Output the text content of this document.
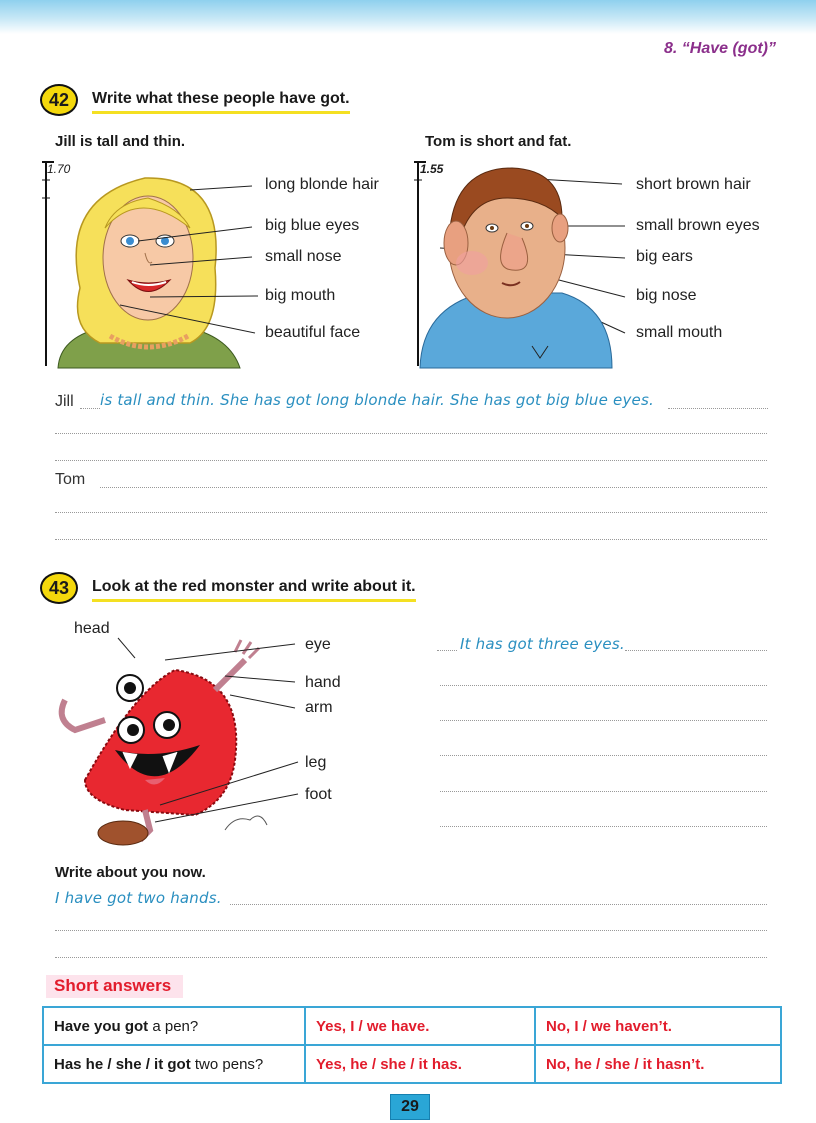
8. “Have (got)”
42	Write what these people have got.
Jill is tall and thin.	Tom is short and fat.
long blonde hair
big blue eyes
small nose
big mouth
beautiful face
1.70
short brown hair
small brown eyes
big ears
big nose
small mouth
1.55
Jill is tall and thin. She has got long blonde hair. She has got big blue eyes.
Tom
43	Look at the red monster and write about it.
head
eye
hand
arm
leg
foot
It has got three eyes.
Write about you now.
I have got two hands.
Short answers
Have you got a pen?	Yes, I / we have.	No, I / we haven’t.
Has he / she / it got two pens?	Yes, he / she / it has.	No, he / she / it hasn’t.
29
